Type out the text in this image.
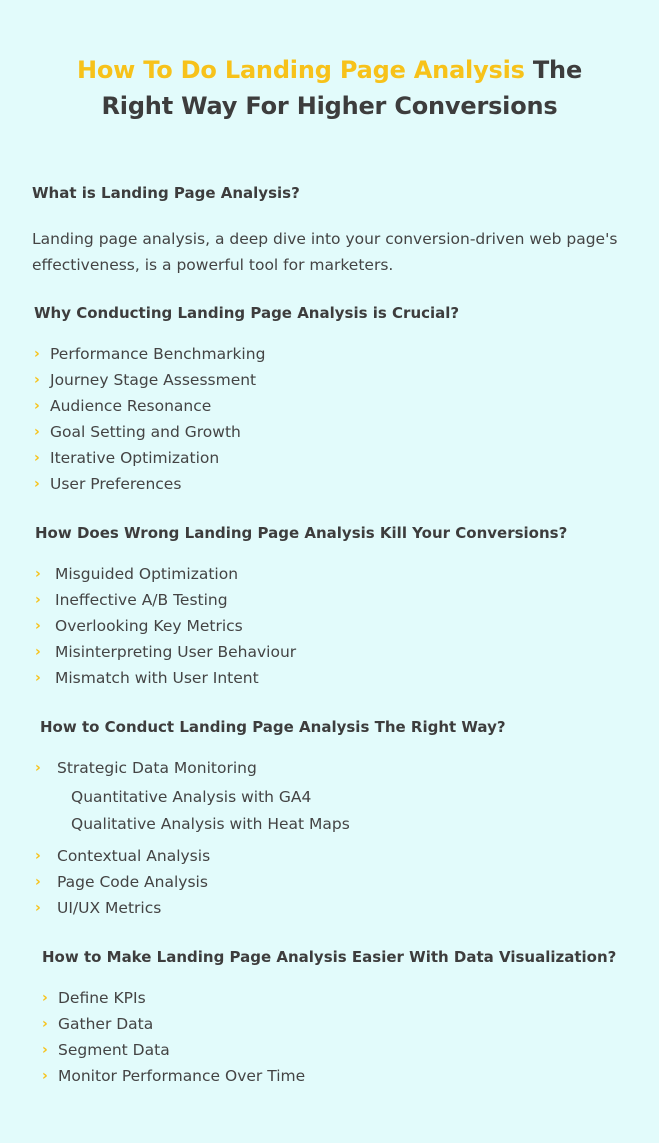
How To Do Landing Page Analysis The
Right Way For Higher Conversions
What is Landing Page Analysis?
Landing page analysis, a deep dive into your conversion-driven web page's effectiveness, is a powerful tool for marketers.
Why Conducting Landing Page Analysis is Crucial?
› Performance Benchmarking
› Journey Stage Assessment
› Audience Resonance
› Goal Setting and Growth
› Iterative Optimization
› User Preferences
How Does Wrong Landing Page Analysis Kill Your Conversions?
› Misguided Optimization
› Ineffective A/B Testing
› Overlooking Key Metrics
› Misinterpreting User Behaviour
› Mismatch with User Intent
How to Conduct Landing Page Analysis The Right Way?
› Strategic Data Monitoring
Quantitative Analysis with GA4
Qualitative Analysis with Heat Maps
› Contextual Analysis
› Page Code Analysis
› UI/UX Metrics
How to Make Landing Page Analysis Easier With Data Visualization?
› Define KPIs
› Gather Data
› Segment Data
› Monitor Performance Over Time
